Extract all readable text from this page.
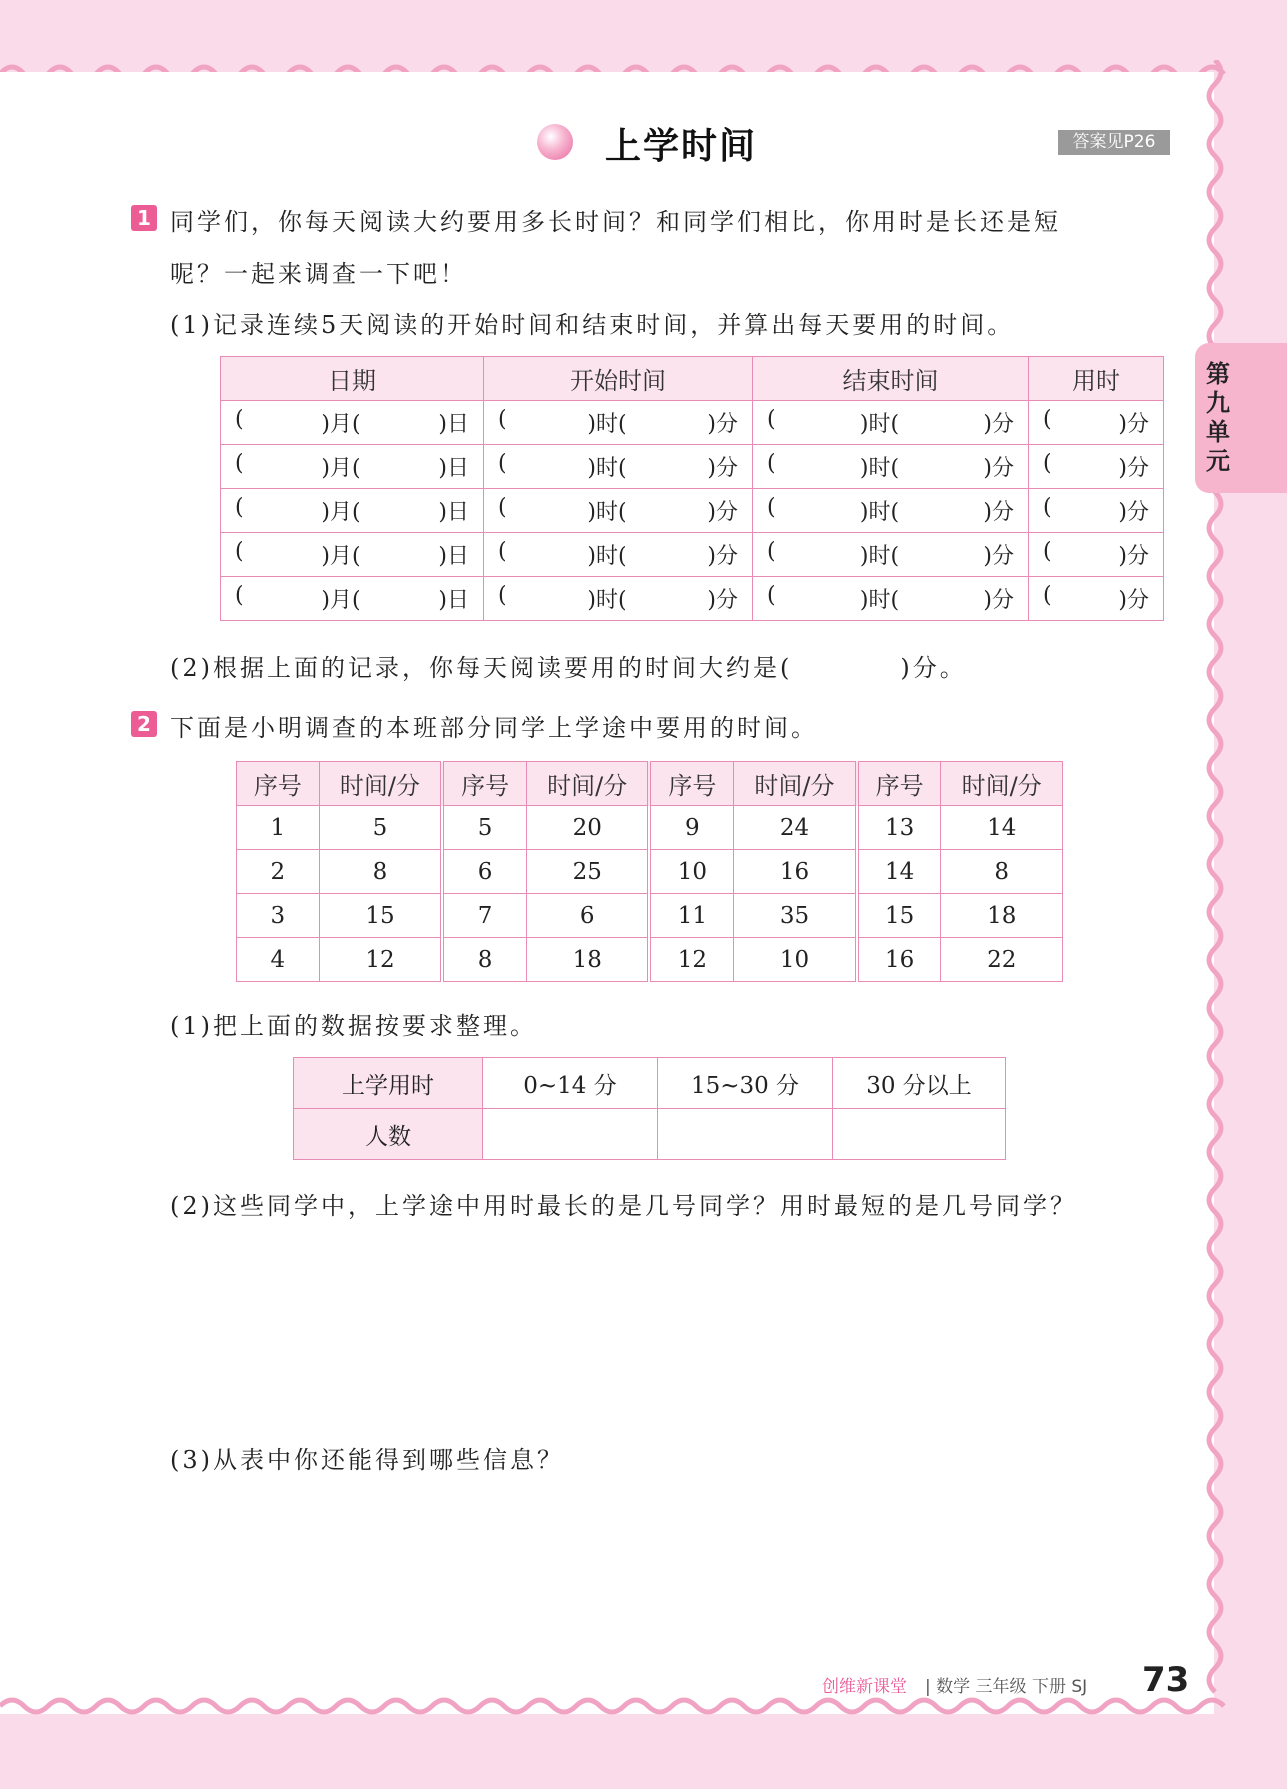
上学时间	答案见P26
第九单元
1 同学们，你每天阅读大约要用多长时间？和同学们相比，你用时是长还是短
呢？一起来调查一下吧！
(1)记录连续5天阅读的开始时间和结束时间，并算出每天要用的时间。
日期	开始时间	结束时间	用时

( )月( )日	( )时( )分	( )时( )分	( )分

( )月( )日	( )时( )分	( )时( )分	( )分

( )月( )日	( )时( )分	( )时( )分	( )分

( )月( )日	( )时( )分	( )时( )分	( )分

( )月( )日	( )时( )分	( )时( )分	( )分
(2)根据上面的记录，你每天阅读要用的时间大约是(　　　　)分。
2 下面是小明调查的本班部分同学上学途中要用的时间。
序号	时间/分	序号	时间/分	序号	时间/分	序号	时间/分
1	5	5	20	9	24	13	14
2	8	6	25	10	16	14	8
3	15	7	6	11	35	15	18
4	12	8	18	12	10	16	22
(1)把上面的数据按要求整理。
上学用时	0~14 分	15~30 分	30 分以上
人数			
(2)这些同学中，上学途中用时最长的是几号同学？用时最短的是几号同学？
(3)从表中你还能得到哪些信息？
创维新课堂 | 数学 三年级 下册 SJ 73
